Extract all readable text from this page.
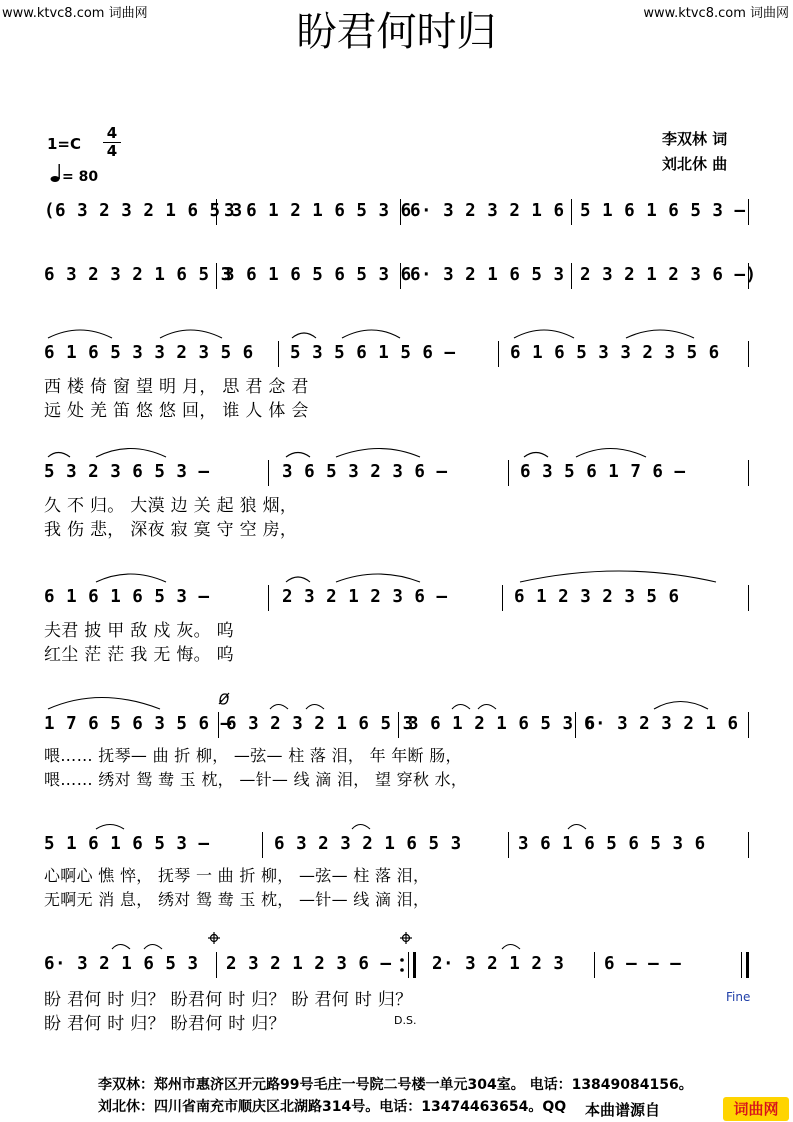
www.ktvc8.com 词曲网	www.ktvc8.com 词曲网
盼君何时归
1=C
4
4
= 80
李双林 词
刘北休 曲
(6 3 2 3 2 1 6 5 3
3 6 1 2 1 6 5 3 6
6· 3 2 3 2 1 6 5 1 6 1 6 5 3 –
6 3 2 3 2 1 6 5 3
3 6 1 6 5 6 5 3 6
6· 3 2 1 6 5 3 2 3 2 1 2 3 6 –)
6 1 6 5 3 3 2 3 5 6 5 3 5 6 1 5 6 –	6 1 6 5 3 3 2 3 5 6
西 楼 倚 窗 望 明 月， 思 君 念 君
远 处 羌 笛 悠 悠 回， 谁 人 体 会
5 3 2 3 6 5 3 –	3 6 5 3 2 3 6 –	6 3 5 6 1 7 6 –
久 不 归。 大漠 边 关 起 狼 烟，
我 伤 悲， 深夜 寂 寞 守 空 房，
6 1 6 1 6 5 3 –	2 3 2 1 2 3 6 –	6 1 2 3 2 3 5 6
夫君 披 甲 敌 戍 灰。 呜
红尘 茫 茫 我 无 悔。 呜
1 7 6 5 6 3 5 6 –
6 3 2 3 2 1 6 5 3
3 6 1 2 1 6 5 3 6
6· 3 2 3 2 1 6
喂…… 抚琴— 曲 折 柳， —弦— 柱 落 泪， 年 年断 肠，
喂…… 绣对 鸳 鸯 玉 枕， —针— 线 滴 泪， 望 穿秋 水，
5 1 6 1 6 5 3 –	6 3 2 3 2 1 6 5 3	3 6 1 6 5 6 5 3 6
心啊心 憔 悴， 抚琴 一 曲 折 柳， —弦— 柱 落 泪，
无啊无 消 息， 绣对 鸳 鸯 玉 枕， —针— 线 滴 泪，
6· 3 2 1 6 5 3 2 3 2 1 2 3 6 – 2· 3 2 1 2 3 6 – – –
盼 君何 时 归？ 盼君何 时 归？ 盼 君何 时 归？
盼 君何 时 归？ 盼君何 时 归？
Fine
D.S.
李双林：郑州市惠济区开元路99号毛庄一号院二号楼一单元304室。 电话：13849084156。
刘北休：四川省南充市顺庆区北湖路314号。电话：13474463654。QQ 本曲谱源自	词曲网
